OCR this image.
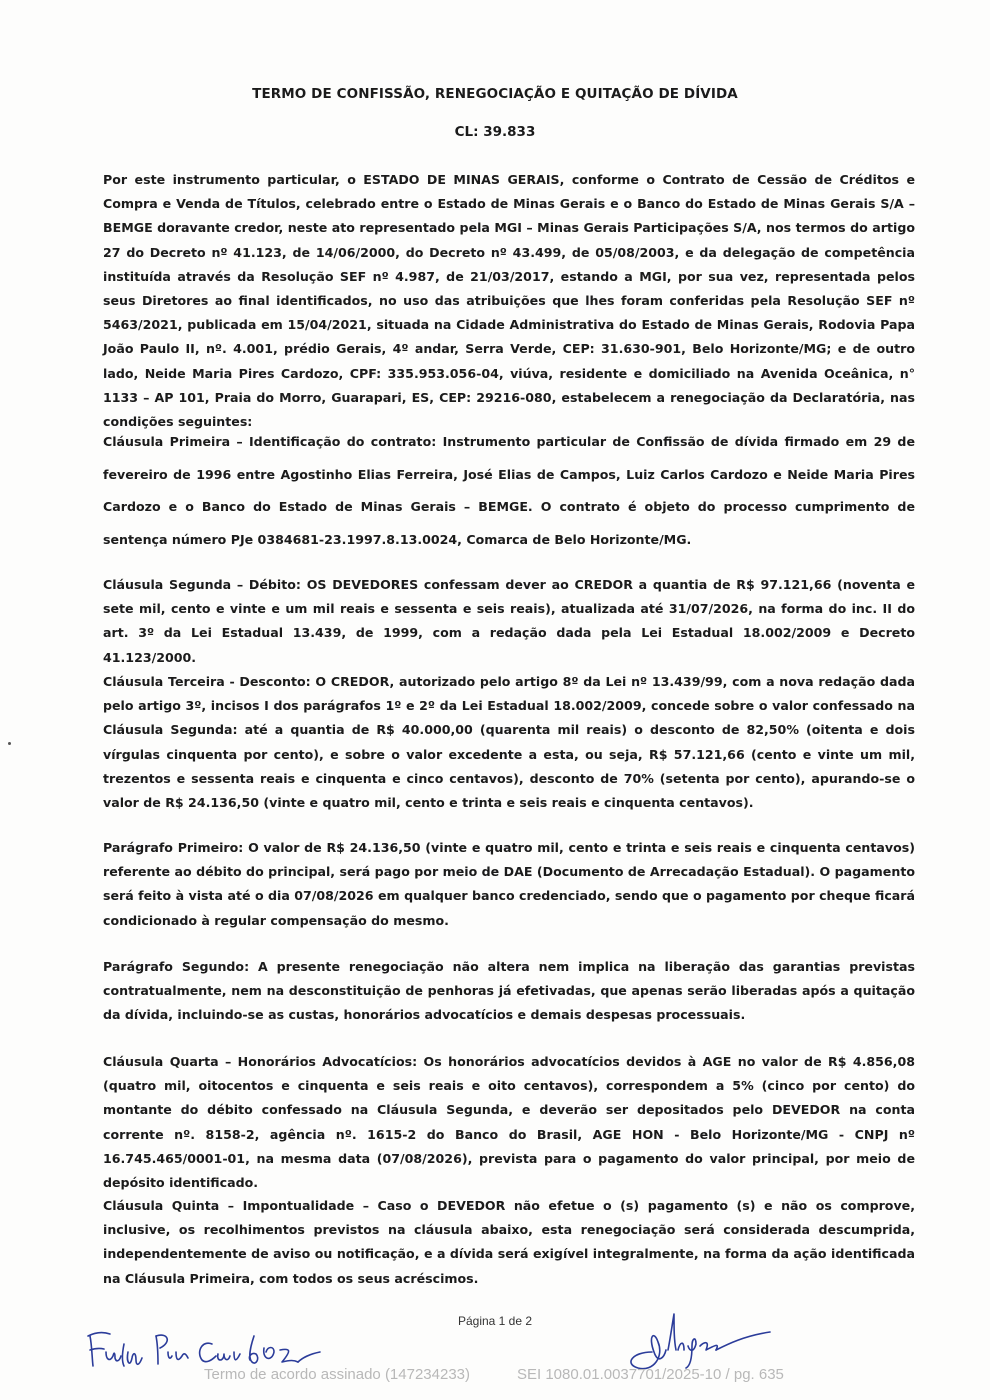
TERMO DE CONFISSÃO, RENEGOCIAÇÃO E QUITAÇÃO DE DÍVIDA
CL: 39.833
Por este instrumento particular, o ESTADO DE MINAS GERAIS, conforme o Contrato de Cessão de Créditos e Compra e Venda de Títulos, celebrado entre o Estado de Minas Gerais e o Banco do Estado de Minas Gerais S/A – BEMGE doravante credor, neste ato representado pela MGI – Minas Gerais Participações S/A, nos termos do artigo 27 do Decreto nº 41.123, de 14/06/2000, do Decreto nº 43.499, de 05/08/2003, e da delegação de competência instituída através da Resolução SEF nº 4.987, de 21/03/2017, estando a MGI, por sua vez, representada pelos seus Diretores ao final identificados, no uso das atribuições que lhes foram conferidas pela Resolução SEF nº 5463/2021, publicada em 15/04/2021, situada na Cidade Administrativa do Estado de Minas Gerais, Rodovia Papa João Paulo II, nº. 4.001, prédio Gerais, 4º andar, Serra Verde, CEP: 31.630-901, Belo Horizonte/MG; e de outro lado, Neide Maria Pires Cardozo, CPF: 335.953.056-04, viúva, residente e domiciliado na Avenida Oceânica, n° 1133 – AP 101, Praia do Morro, Guarapari, ES, CEP: 29216-080, estabelecem a renegociação da Declaratória, nas condições seguintes:
Cláusula Primeira – Identificação do contrato: Instrumento particular de Confissão de dívida firmado em 29 de fevereiro de 1996 entre Agostinho Elias Ferreira, José Elias de Campos, Luiz Carlos Cardozo e Neide Maria Pires Cardozo e o Banco do Estado de Minas Gerais – BEMGE. O contrato é objeto do processo cumprimento de sentença número PJe 0384681-23.1997.8.13.0024, Comarca de Belo Horizonte/MG.
Cláusula Segunda – Débito: OS DEVEDORES confessam dever ao CREDOR a quantia de R$ 97.121,66 (noventa e sete mil, cento e vinte e um mil reais e sessenta e seis reais), atualizada até 31/07/2026, na forma do inc. II do art. 3º da Lei Estadual 13.439, de 1999, com a redação dada pela Lei Estadual 18.002/2009 e Decreto 41.123/2000.
Cláusula Terceira - Desconto: O CREDOR, autorizado pelo artigo 8º da Lei nº 13.439/99, com a nova redação dada pelo artigo 3º, incisos I dos parágrafos 1º e 2º da Lei Estadual 18.002/2009, concede sobre o valor confessado na Cláusula Segunda: até a quantia de R$ 40.000,00 (quarenta mil reais) o desconto de 82,50% (oitenta e dois vírgulas cinquenta por cento), e sobre o valor excedente a esta, ou seja, R$ 57.121,66 (cento e vinte um mil, trezentos e sessenta reais e cinquenta e cinco centavos), desconto de 70% (setenta por cento), apurando-se o valor de R$ 24.136,50 (vinte e quatro mil, cento e trinta e seis reais e cinquenta centavos).
Parágrafo Primeiro: O valor de R$ 24.136,50 (vinte e quatro mil, cento e trinta e seis reais e cinquenta centavos) referente ao débito do principal, será pago por meio de DAE (Documento de Arrecadação Estadual). O pagamento será feito à vista até o dia 07/08/2026 em qualquer banco credenciado, sendo que o pagamento por cheque ficará condicionado à regular compensação do mesmo.
Parágrafo Segundo: A presente renegociação não altera nem implica na liberação das garantias previstas contratualmente, nem na desconstituição de penhoras já efetivadas, que apenas serão liberadas após a quitação da dívida, incluindo-se as custas, honorários advocatícios e demais despesas processuais.
Cláusula Quarta – Honorários Advocatícios: Os honorários advocatícios devidos à AGE no valor de R$ 4.856,08 (quatro mil, oitocentos e cinquenta e seis reais e oito centavos), correspondem a 5% (cinco por cento) do montante do débito confessado na Cláusula Segunda, e deverão ser depositados pelo DEVEDOR na conta corrente nº. 8158-2, agência nº. 1615-2 do Banco do Brasil, AGE HON - Belo Horizonte/MG - CNPJ nº 16.745.465/0001-01, na mesma data (07/08/2026), prevista para o pagamento do valor principal, por meio de depósito identificado.
Cláusula Quinta – Impontualidade – Caso o DEVEDOR não efetue o (s) pagamento (s) e não os comprove, inclusive, os recolhimentos previstos na cláusula abaixo, esta renegociação será considerada descumprida, independentemente de aviso ou notificação, e a dívida será exigível integralmente, na forma da ação identificada na Cláusula Primeira, com todos os seus acréscimos.
Página 1 de 2
Termo de acordo assinado (147234233)	SEI 1080.01.0037701/2025-10 / pg. 635
